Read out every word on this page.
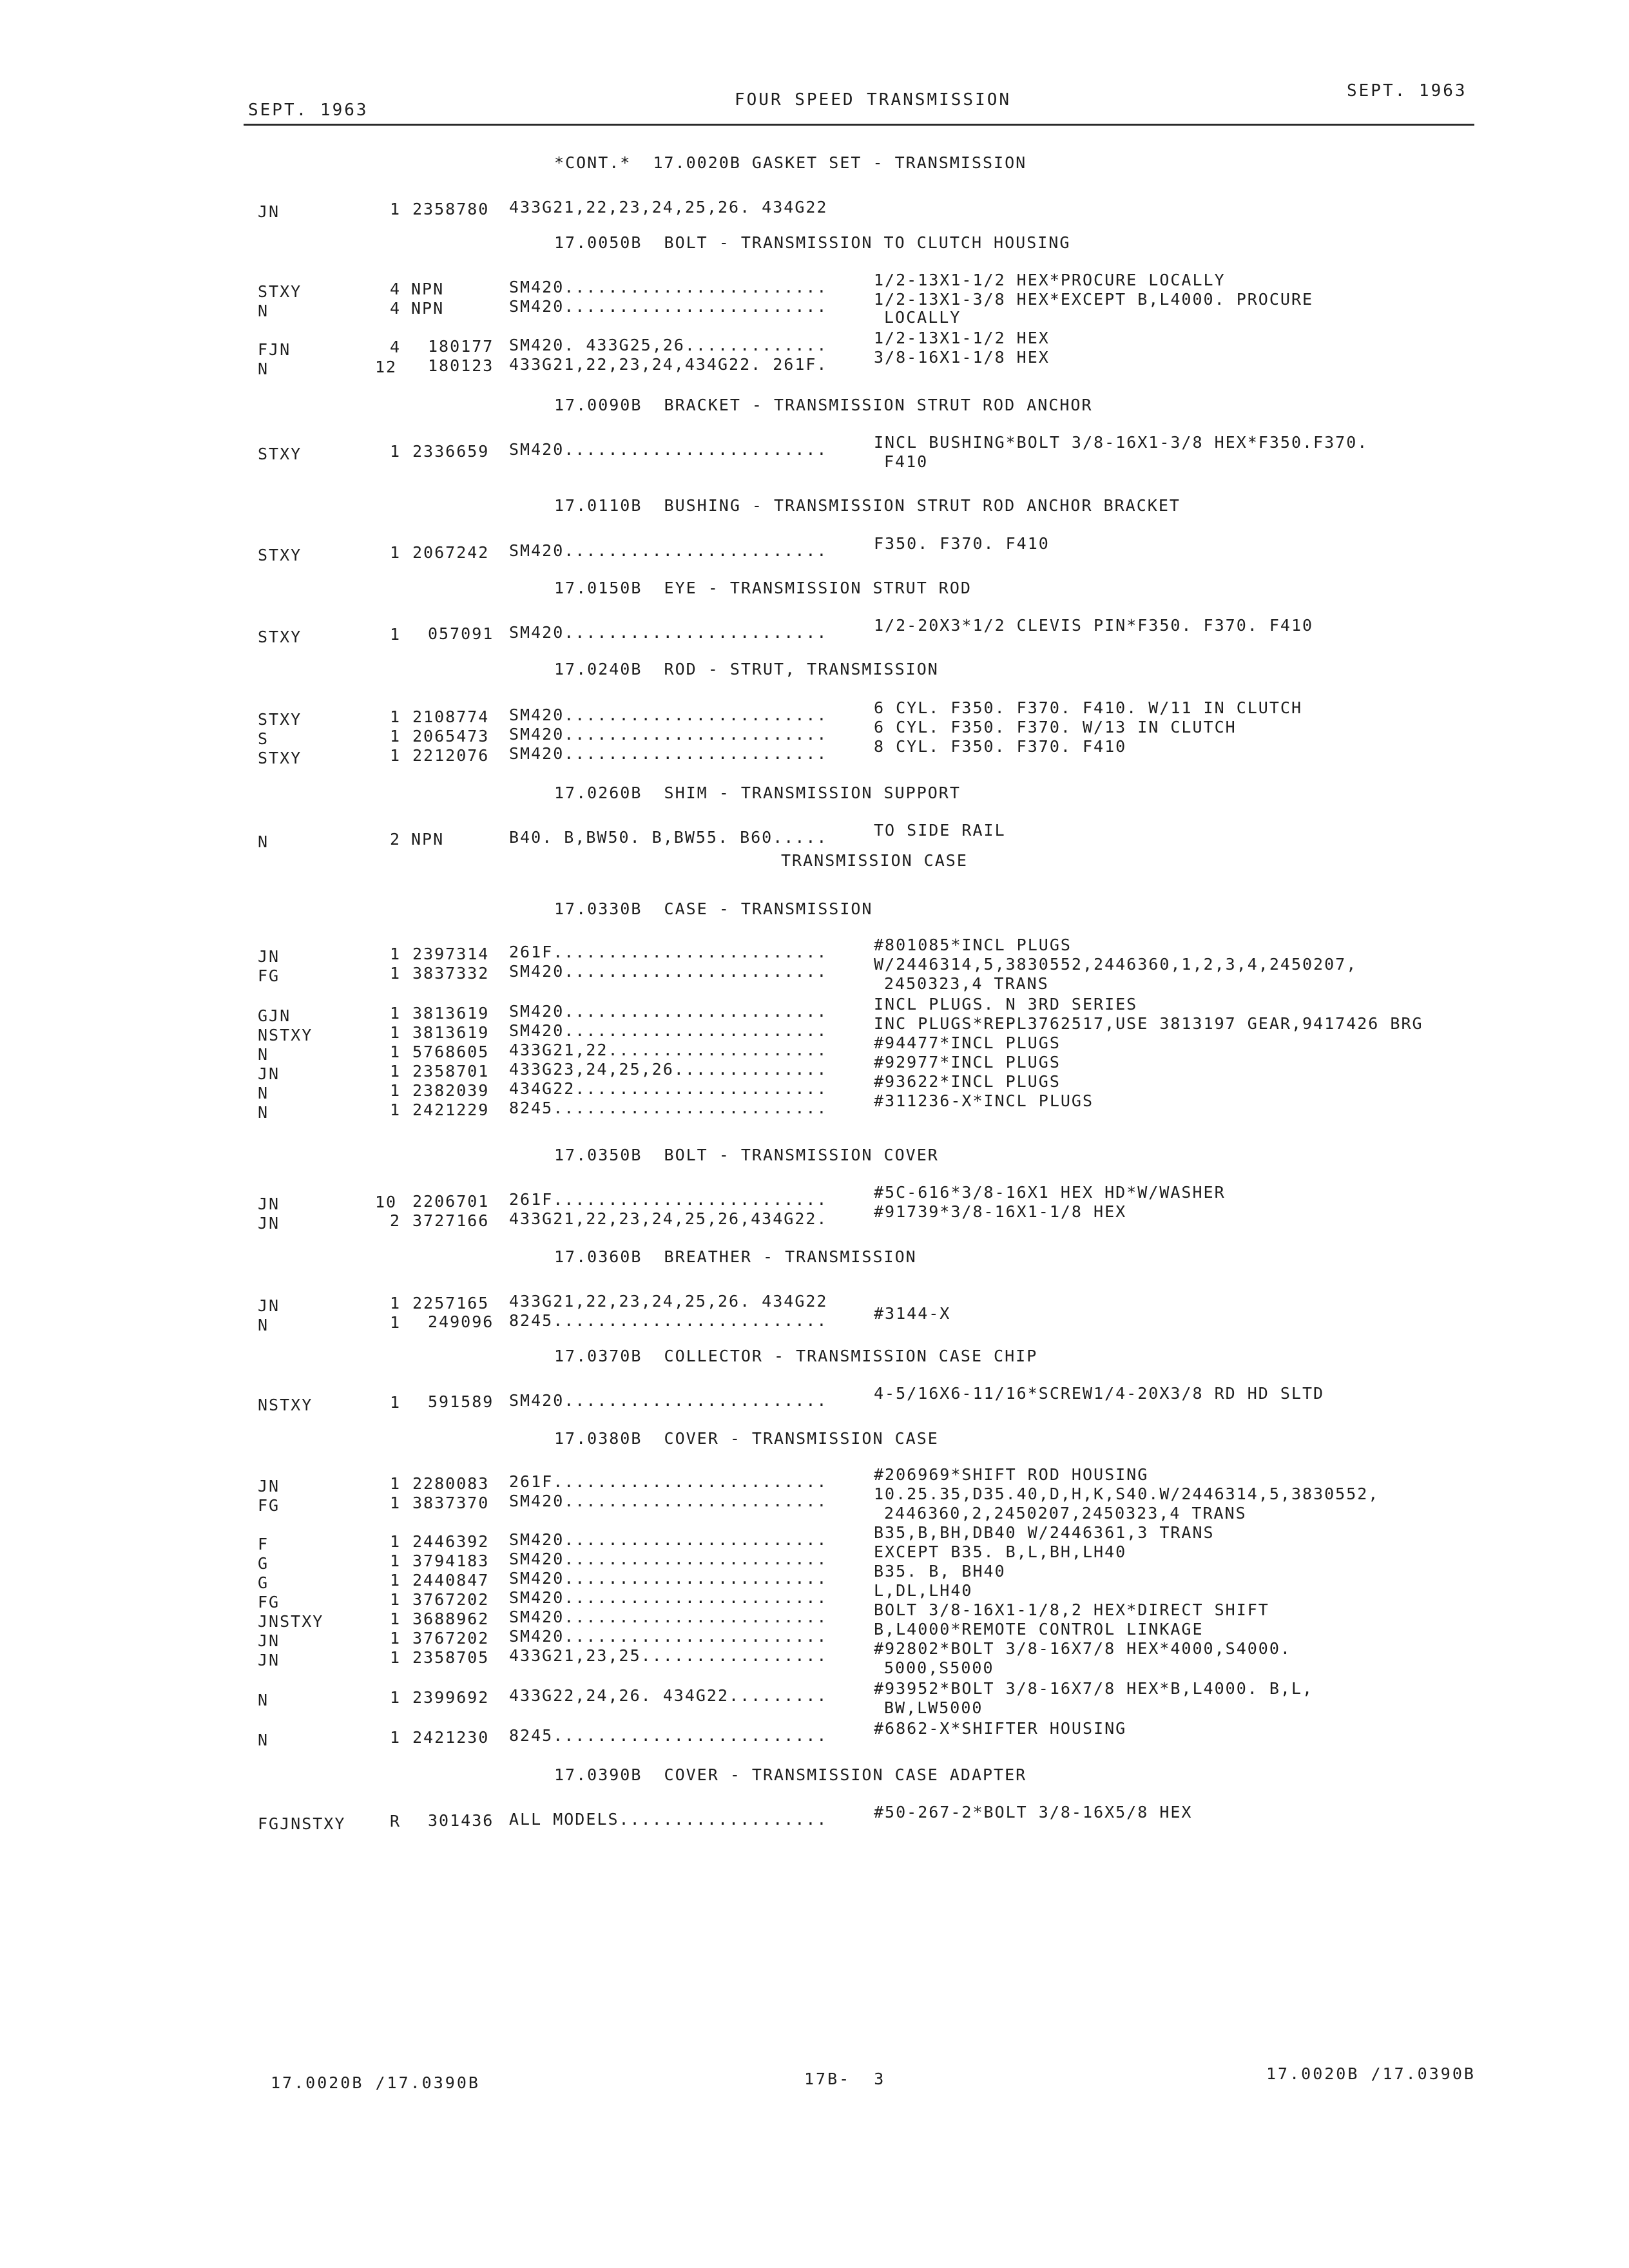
SEPT. 1963
FOUR SPEED TRANSMISSION	SEPT. 1963
*CONT.*  17.0020B GASKET SET - TRANSMISSION
JN	1 2358780 433G21,22,23,24,25,26. 434G22
17.0050B  BOLT - TRANSMISSION TO CLUTCH HOUSING
STXY	4 NPN	SM420........................	1/2-13X1-1/2 HEX*PROCURE LOCALLY
N	4 NPN	SM420........................	1/2-13X1-3/8 HEX*EXCEPT B,L4000. PROCURE
LOCALLY
FJN	4 180177 SM420. 433G25,26.............	1/2-13X1-1/2 HEX
N	12 180123 433G21,22,23,24,434G22. 261F.	3/8-16X1-1/8 HEX
17.0090B  BRACKET - TRANSMISSION STRUT ROD ANCHOR
STXY	1 2336659 SM420........................	INCL BUSHING*BOLT 3/8-16X1-3/8 HEX*F350.F370.
F410
17.0110B  BUSHING - TRANSMISSION STRUT ROD ANCHOR BRACKET
STXY	1 2067242 SM420........................	F350. F370. F410
17.0150B  EYE - TRANSMISSION STRUT ROD
STXY	1 057091 SM420........................	1/2-20X3*1/2 CLEVIS PIN*F350. F370. F410
17.0240B  ROD - STRUT, TRANSMISSION
STXY	1 2108774 SM420........................	6 CYL. F350. F370. F410. W/11 IN CLUTCH
S	1 2065473 SM420........................	6 CYL. F350. F370. W/13 IN CLUTCH
STXY	1 2212076 SM420........................	8 CYL. F350. F370. F410
17.0260B  SHIM - TRANSMISSION SUPPORT
N	2 NPN	B40. B,BW50. B,BW55. B60.....	TO SIDE RAIL
TRANSMISSION CASE
17.0330B  CASE - TRANSMISSION
JN	1 2397314 261F.........................	#801085*INCL PLUGS
FG	1 3837332 SM420........................	W/2446314,5,3830552,2446360,1,2,3,4,2450207,
2450323,4 TRANS
GJN	1 3813619 SM420........................	INCL PLUGS. N 3RD SERIES
NSTXY	1 3813619 SM420........................	INC PLUGS*REPL3762517,USE 3813197 GEAR,9417426 BRG
N	1 5768605 433G21,22....................	#94477*INCL PLUGS
JN	1 2358701 433G23,24,25,26..............	#92977*INCL PLUGS
N	1 2382039 434G22.......................	#93622*INCL PLUGS
N	1 2421229 8245.........................	#311236-X*INCL PLUGS
17.0350B  BOLT - TRANSMISSION COVER
JN	10 2206701 261F.........................	#5C-616*3/8-16X1 HEX HD*W/WASHER
JN	2 3727166 433G21,22,23,24,25,26,434G22.	#91739*3/8-16X1-1/8 HEX
17.0360B  BREATHER - TRANSMISSION
JN	1 2257165 433G21,22,23,24,25,26. 434G22
N	1 249096 8245.........................	#3144-X
17.0370B  COLLECTOR - TRANSMISSION CASE CHIP
NSTXY	1 591589 SM420........................	4-5/16X6-11/16*SCREW1/4-20X3/8 RD HD SLTD
17.0380B  COVER - TRANSMISSION CASE
JN	1 2280083 261F.........................	#206969*SHIFT ROD HOUSING
FG	1 3837370 SM420........................	10.25.35,D35.40,D,H,K,S40.W/2446314,5,3830552,
2446360,2,2450207,2450323,4 TRANS
F	1 2446392 SM420........................	B35,B,BH,DB40 W/2446361,3 TRANS
G	1 3794183 SM420........................	EXCEPT B35. B,L,BH,LH40
G	1 2440847 SM420........................	B35. B, BH40
FG	1 3767202 SM420........................	L,DL,LH40
JNSTXY	1 3688962 SM420........................	BOLT 3/8-16X1-1/8,2 HEX*DIRECT SHIFT
JN	1 3767202 SM420........................	B,L4000*REMOTE CONTROL LINKAGE
JN	1 2358705 433G21,23,25.................	#92802*BOLT 3/8-16X7/8 HEX*4000,S4000.
5000,S5000
N	1 2399692 433G22,24,26. 434G22.........	#93952*BOLT 3/8-16X7/8 HEX*B,L4000. B,L,
BW,LW5000
N	1 2421230 8245.........................	#6862-X*SHIFTER HOUSING
17.0390B  COVER - TRANSMISSION CASE ADAPTER
FGJNSTXY	R 301436 ALL MODELS...................	#50-267-2*BOLT 3/8-16X5/8 HEX
17.0020B /17.0390B	17B-  3	17.0020B /17.0390B
